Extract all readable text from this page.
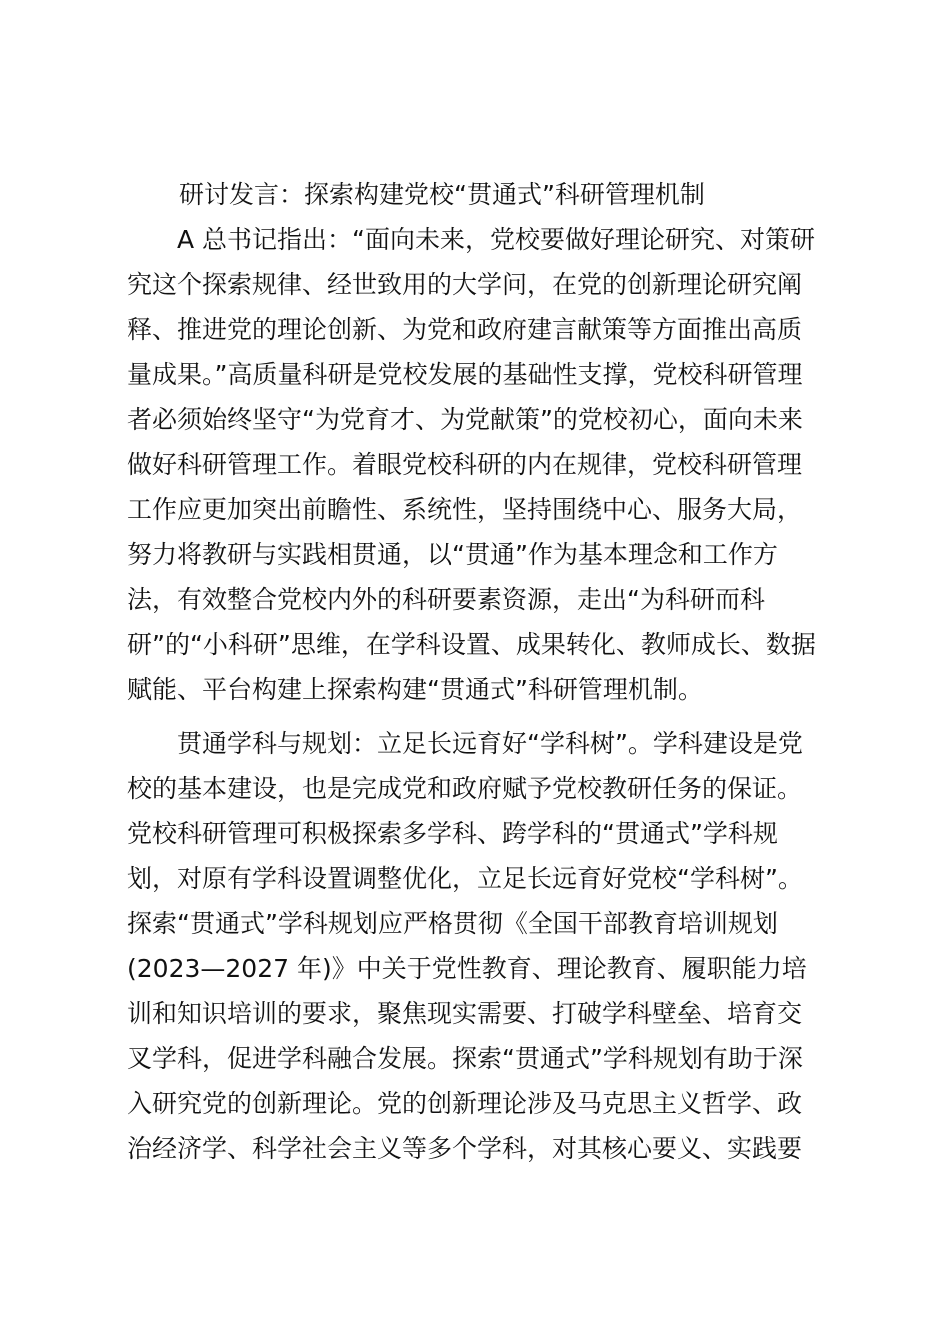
研讨发言：探索构建党校“贯通式”科研管理机制
A 总书记指出：“面向未来，党校要做好理论研究、对策研
究这个探索规律、经世致用的大学问，在党的创新理论研究阐
释、推进党的理论创新、为党和政府建言献策等方面推出高质
量成果。”高质量科研是党校发展的基础性支撑，党校科研管理
者必须始终坚守“为党育才、为党献策”的党校初心，面向未来
做好科研管理工作。着眼党校科研的内在规律，党校科研管理
工作应更加突出前瞻性、系统性，坚持围绕中心、服务大局，
努力将教研与实践相贯通，以“贯通”作为基本理念和工作方
法，有效整合党校内外的科研要素资源，走出“为科研而科
研”的“小科研”思维，在学科设置、成果转化、教师成长、数据
赋能、平台构建上探索构建“贯通式”科研管理机制。
贯通学科与规划：立足长远育好“学科树”。学科建设是党
校的基本建设，也是完成党和政府赋予党校教研任务的保证。
党校科研管理可积极探索多学科、跨学科的“贯通式”学科规
划，对原有学科设置调整优化，立足长远育好党校“学科树”。
探索“贯通式”学科规划应严格贯彻《全国干部教育培训规划
(2023—2027 年)》中关于党性教育、理论教育、履职能力培
训和知识培训的要求，聚焦现实需要、打破学科壁垒、培育交
叉学科，促进学科融合发展。探索“贯通式”学科规划有助于深
入研究党的创新理论。党的创新理论涉及马克思主义哲学、政
治经济学、科学社会主义等多个学科，对其核心要义、实践要
